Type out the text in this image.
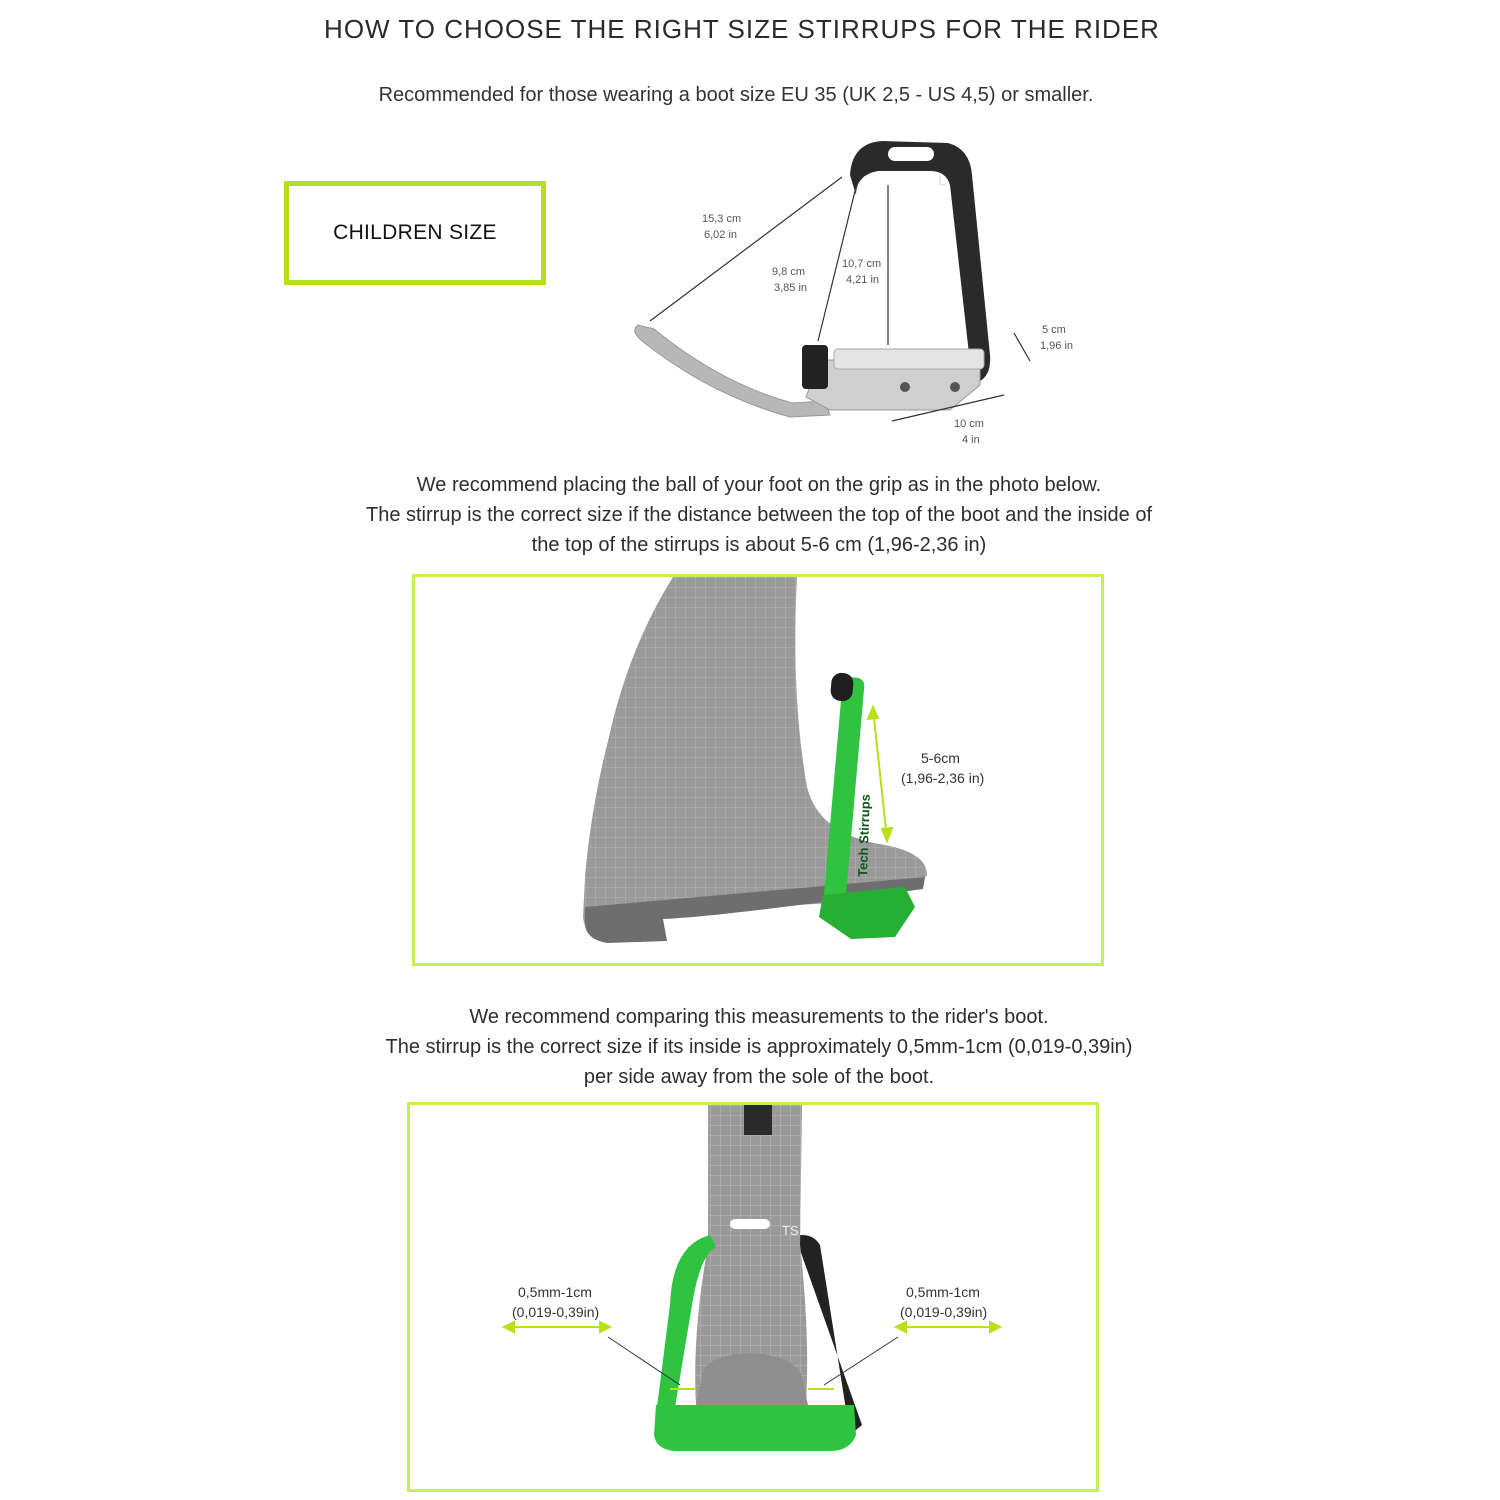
HOW TO CHOOSE THE RIGHT SIZE STIRRUPS FOR THE RIDER
Recommended for those wearing a boot size EU 35 (UK 2,5 - US 4,5) or smaller.
CHILDREN SIZE
L
15,3 cm
6,02 in
9,8 cm
3,85 in
10,7 cm
4,21 in
5 cm
1,96 in
10 cm
4 in
We recommend placing the ball of your foot on the grip as in the photo below.
The stirrup is the correct size if the distance between the top of the boot and the inside of
the top of the stirrups is about 5-6 cm (1,96-2,36 in)
Tech Stirrups
5-6cm
(1,96-2,36 in)
We recommend comparing this measurements to the rider's boot.
The stirrup is the correct size if its inside is approximately 0,5mm-1cm (0,019-0,39in)
per side away from the sole of the boot.
TS
0,5mm-1cm
(0,019-0,39in)
0,5mm-1cm
(0,019-0,39in)
